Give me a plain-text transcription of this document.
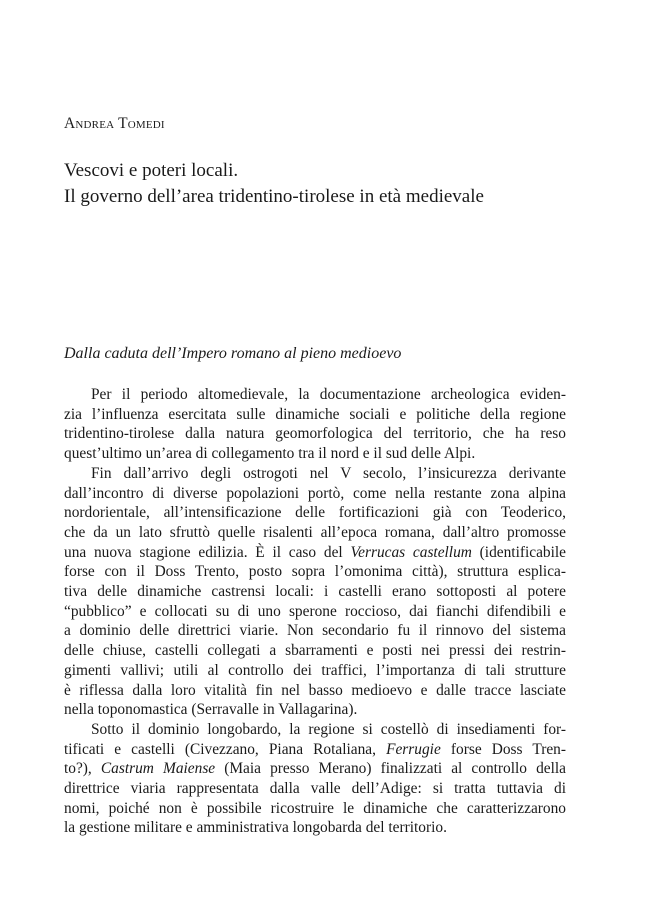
Andrea Tomedi
Vescovi e poteri locali.
Il governo dell’area tridentino-tirolese in età medievale
Dalla caduta dell’Impero romano al pieno medioevo
Per il periodo altomedievale, la documentazione archeologica eviden-
zia l’influenza esercitata sulle dinamiche sociali e politiche della regione
tridentino-tirolese dalla natura geomorfologica del territorio, che ha reso
quest’ultimo un’area di collegamento tra il nord e il sud delle Alpi.
Fin dall’arrivo degli ostrogoti nel V secolo, l’insicurezza derivante
dall’incontro di diverse popolazioni portò, come nella restante zona alpina
nordorientale, all’intensificazione delle fortificazioni già con Teoderico,
che da un lato sfruttò quelle risalenti all’epoca romana, dall’altro promosse
una nuova stagione edilizia. È il caso del Verrucas castellum (identificabile
forse con il Doss Trento, posto sopra l’omonima città), struttura esplica-
tiva delle dinamiche castrensi locali: i castelli erano sottoposti al potere
“pubblico” e collocati su di uno sperone roccioso, dai fianchi difendibili e
a dominio delle direttrici viarie. Non secondario fu il rinnovo del sistema
delle chiuse, castelli collegati a sbarramenti e posti nei pressi dei restrin-
gimenti vallivi; utili al controllo dei traffici, l’importanza di tali strutture
è riflessa dalla loro vitalità fin nel basso medioevo e dalle tracce lasciate
nella toponomastica (Serravalle in Vallagarina).
Sotto il dominio longobardo, la regione si costellò di insediamenti for-
tificati e castelli (Civezzano, Piana Rotaliana, Ferrugie forse Doss Tren-
to?), Castrum Maiense (Maia presso Merano) finalizzati al controllo della
direttrice viaria rappresentata dalla valle dell’Adige: si tratta tuttavia di
nomi, poiché non è possibile ricostruire le dinamiche che caratterizzarono
la gestione militare e amministrativa longobarda del territorio.
